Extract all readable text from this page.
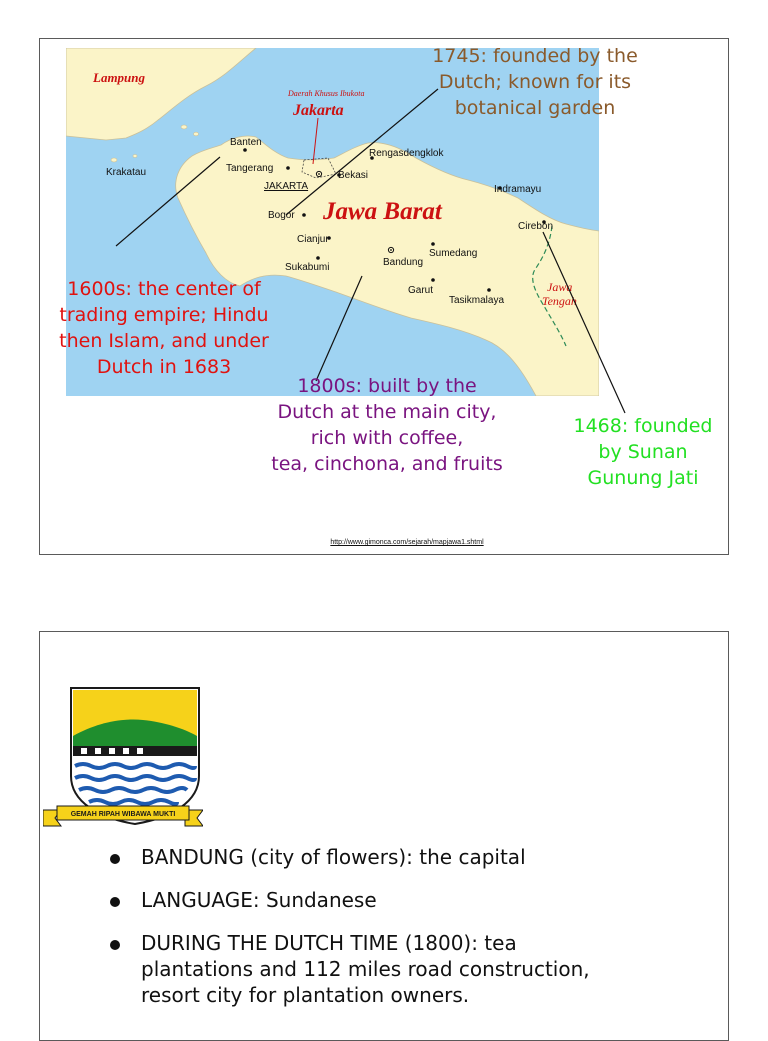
Lampung
Krakatau
Banten
Tangerang
Daerah Khusus Ibukota
Jakarta
JAKARTA
Rengasdengklok
Bekasi
Indramayu
Bogor Jawa Barat
Cirebon
Cianjur
Sumedang
Bandung
Sukabumi
Garut
Tasikmalaya
Jawa
Tengah
1745: founded by the
Dutch; known for its
botanical garden
1600s: the center of
trading empire; Hindu
then Islam, and under
Dutch in 1683
1800s: built by the
Dutch at the main city,
rich with coffee,
tea, cinchona, and fruits
1468: founded
by Sunan
Gunung Jati
http://www.gimonca.com/sejarah/mapjawa1.shtml
GEMAH RIPAH WIBAWA MUKTI
BANDUNG (city of flowers): the capital
LANGUAGE: Sundanese
DURING THE DUTCH TIME (1800): tea
plantations and 112 miles road construction,
resort city for plantation owners.
